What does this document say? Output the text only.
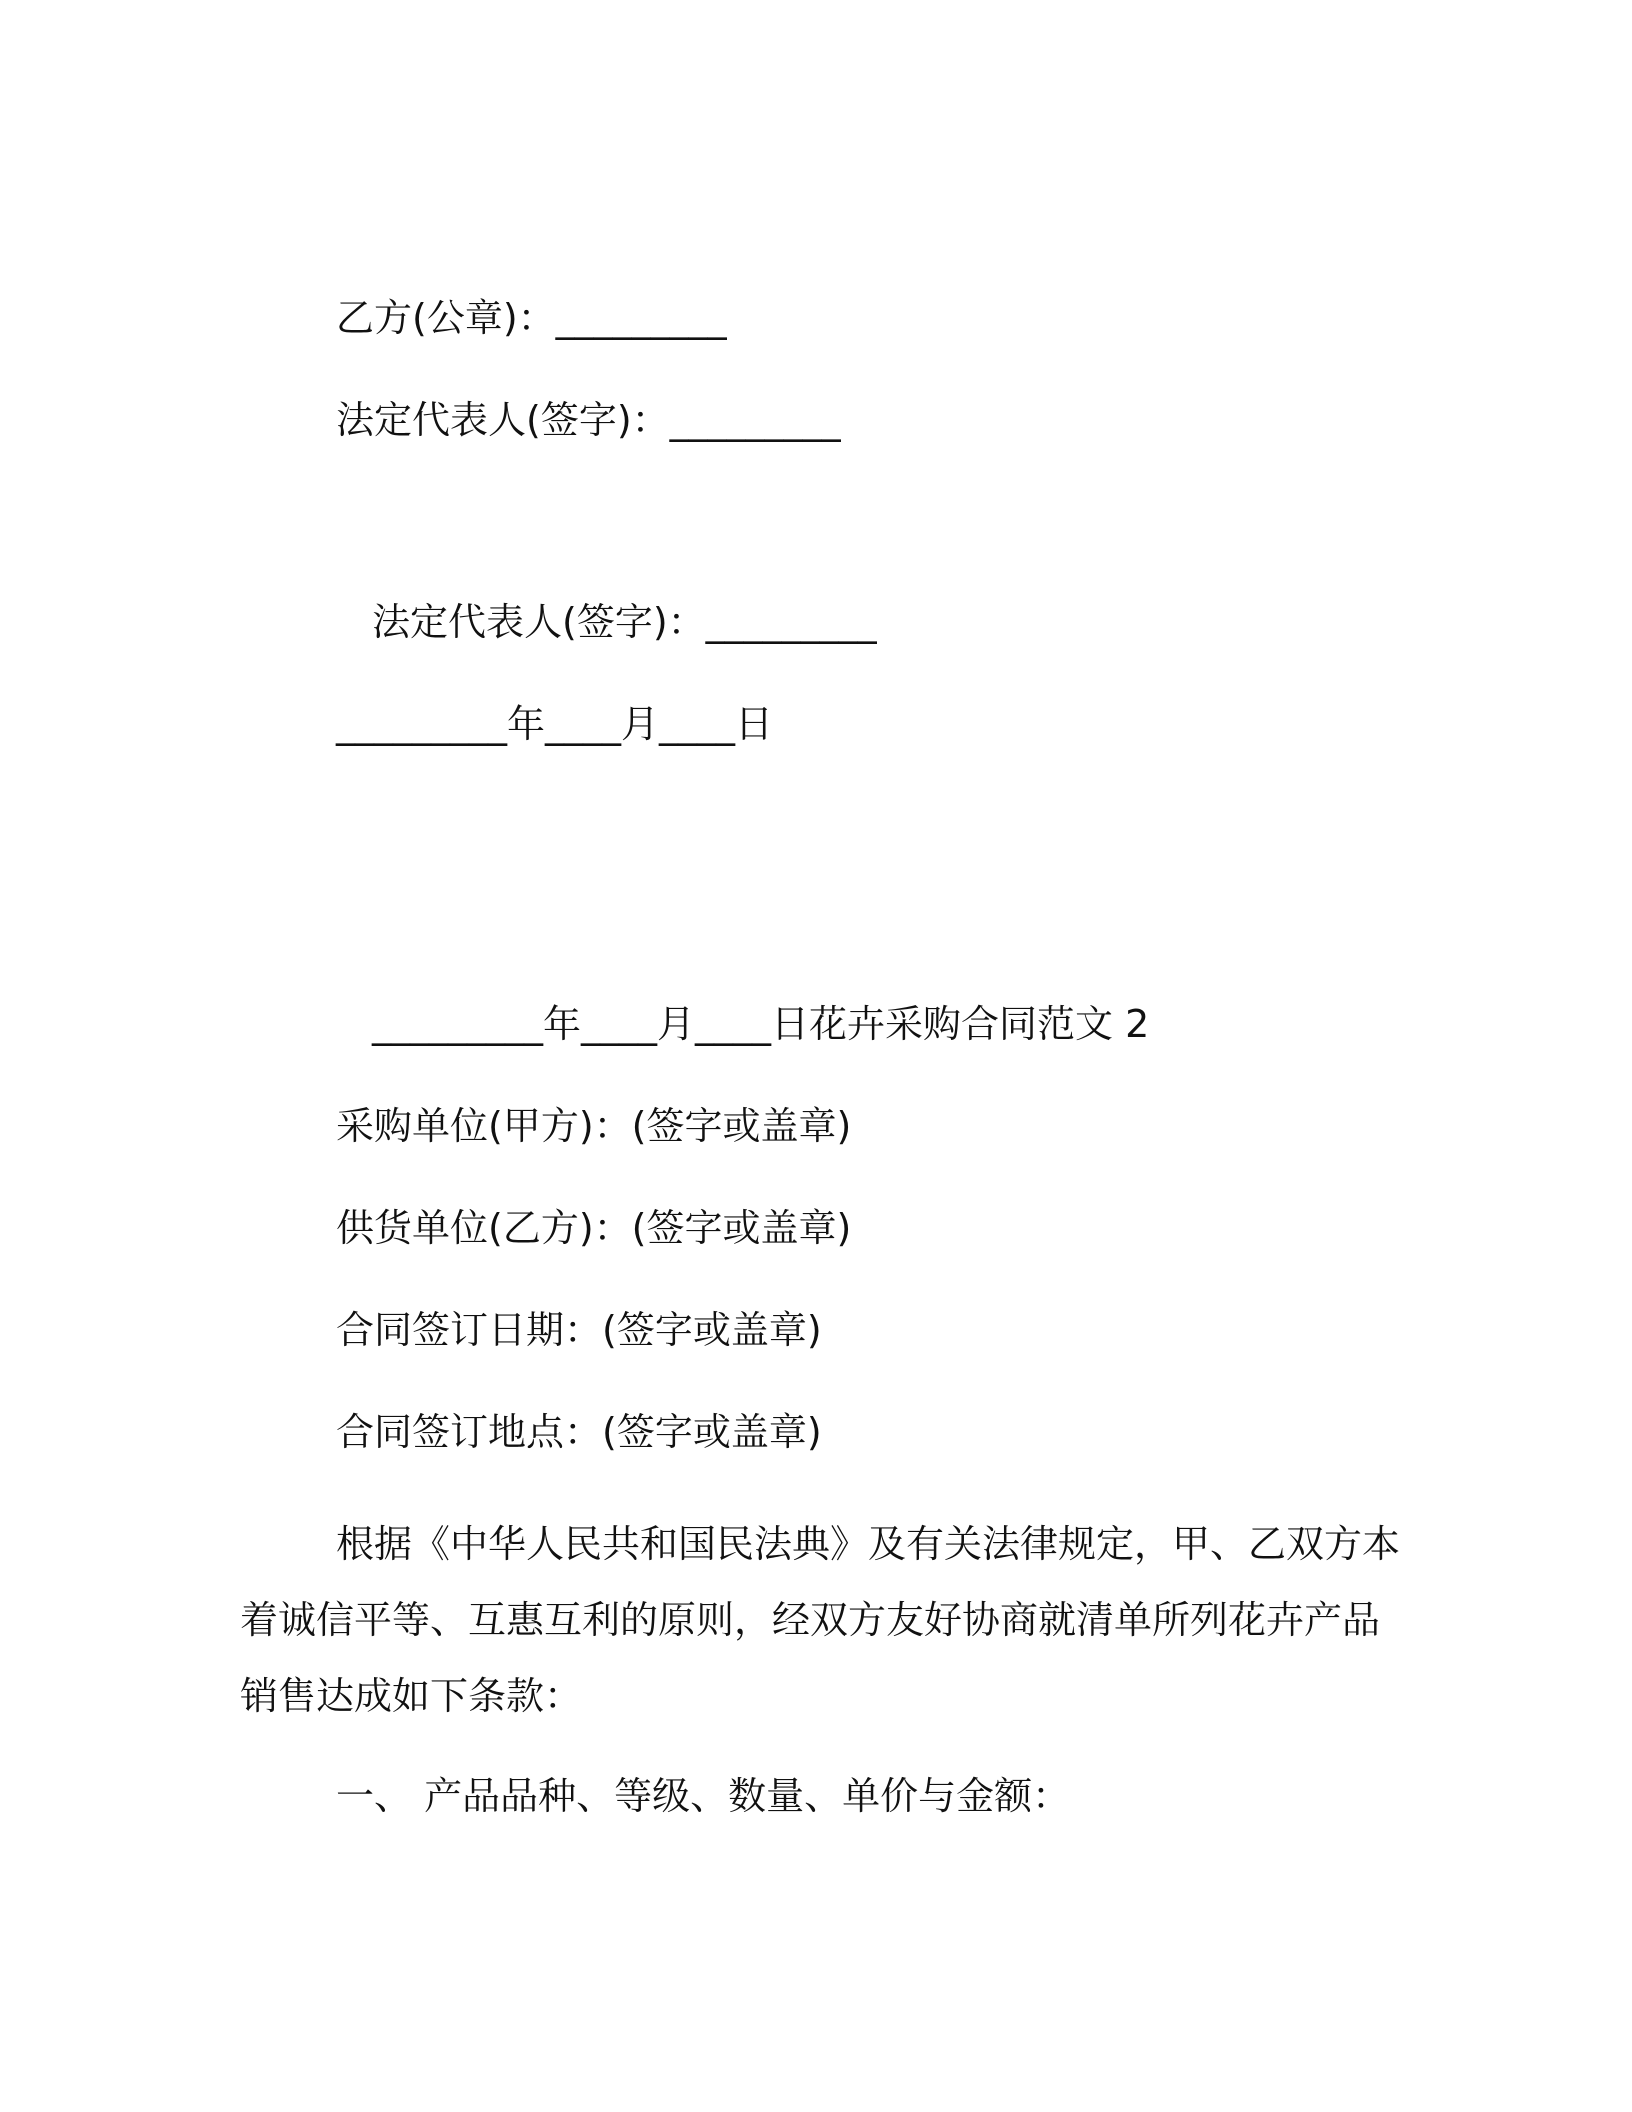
乙方(公章)：_________
法定代表人(签字)：_________
法定代表人(签字)：_________
_________年____月____日
_________年____月____日花卉采购合同范文 2
采购单位(甲方)：(签字或盖章)
供货单位(乙方)：(签字或盖章)
合同签订日期：(签字或盖章)
合同签订地点：(签字或盖章)
根据《中华人民共和国民法典》及有关法律规定，甲、乙双方本
着诚信平等、互惠互利的原则，经双方友好协商就清单所列花卉产品
销售达成如下条款：
一、 产品品种、等级、数量、单价与金额：
